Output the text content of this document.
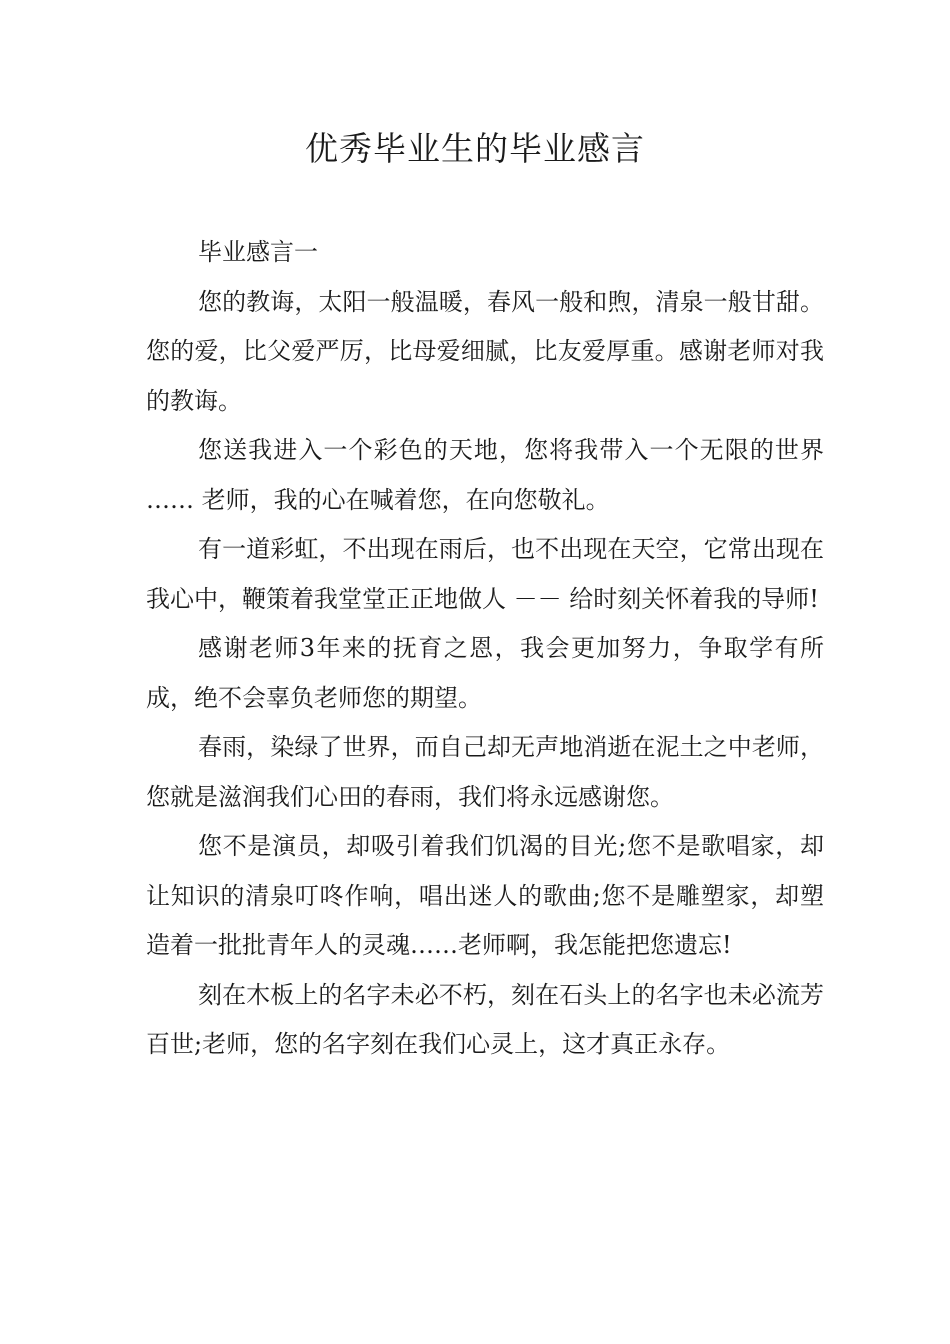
优秀毕业生的毕业感言

毕业感言一

您的教诲，太阳一般温暖，春风一般和煦，清泉一般甘甜。您的爱，比父爱严厉，比母爱细腻，比友爱厚重。感谢老师对我的教诲。

您送我进入一个彩色的天地，您将我带入一个无限的世界 …… 老师，我的心在喊着您，在向您敬礼。

有一道彩虹，不出现在雨后，也不出现在天空，它常出现在我心中，鞭策着我堂堂正正地做人 －－ 给时刻关怀着我的导师!

感谢老师3年来的抚育之恩，我会更加努力，争取学有所成，绝不会辜负老师您的期望。

春雨，染绿了世界，而自己却无声地消逝在泥土之中老师，您就是滋润我们心田的春雨，我们将永远感谢您。

您不是演员，却吸引着我们饥渴的目光;您不是歌唱家，却让知识的清泉叮咚作响，唱出迷人的歌曲;您不是雕塑家，却塑造着一批批青年人的灵魂……老师啊，我怎能把您遗忘!

刻在木板上的名字未必不朽，刻在石头上的名字也未必流芳百世;老师，您的名字刻在我们心灵上，这才真正永存。
